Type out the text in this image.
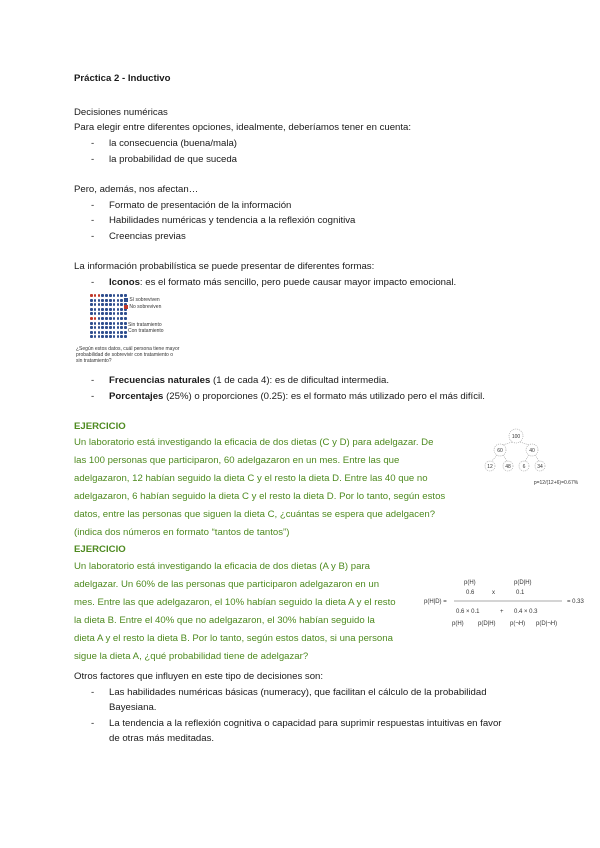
Práctica 2 - Inductivo
Decisiones numéricas
Para elegir entre diferentes opciones, idealmente, deberíamos tener en cuenta:
- la consecuencia (buena/mala)
- la probabilidad de que suceda
Pero, además, nos afectan…
- Formato de presentación de la información
- Habilidades numéricas y tendencia a la reflexión cognitiva
- Creencias previas
La información probabilística se puede presentar de diferentes formas:
- Iconos: es el formato más sencillo, pero puede causar mayor impacto emocional.
Sí sobreviven
No sobreviven
Sin tratamiento
Con tratamiento
¿Según estos datos, cuál persona tiene mayor
probabilidad de sobrevivir con tratamiento o
sin tratamiento?
- Frecuencias naturales (1 de cada 4): es de dificultad intermedia.
- Porcentajes (25%) o proporciones (0.25): es el formato más utilizado pero el más difícil.
EJERCICIO
Un laboratorio está investigando la eficacia de dos dietas (C y D) para adelgazar. De
las 100 personas que participaron, 60 adelgazaron en un mes. Entre las que
adelgazaron, 12 habían seguido la dieta C y el resto la dieta D. Entre las 40 que no
adelgazaron, 6 habían seguido la dieta C y el resto la dieta D. Por lo tanto, según estos
datos, entre las personas que siguen la dieta C, ¿cuántas se espera que adelgacen?
(indica dos números en formato “tantos de tantos”)
100
60	40
12 48 6 34
p=12/(12+6)=0.67%
EJERCICIO
Un laboratorio está investigando la eficacia de dos dietas (A y B) para
adelgazar. Un 60% de las personas que participaron adelgazaron en un
mes. Entre las que adelgazaron, el 10% habían seguido la dieta A y el resto
la dieta B. Entre el 40% que no adelgazaron, el 30% habían seguido la
dieta A y el resto la dieta B. Por lo tanto, según estos datos, si una persona
sigue la dieta A, ¿qué probabilidad tiene de adelgazar?
p(H)	p(D|H)
0.6	x	0.1
p(H|D) =	= 0.33
0.6 × 0.1	+ 0.4 × 0.3
p(H) p(D|H) p(¬H) p(D|¬H)
Otros factores que influyen en este tipo de decisiones son:
- Las habilidades numéricas básicas (numeracy), que facilitan el cálculo de la probabilidad
Bayesiana.
- La tendencia a la reflexión cognitiva o capacidad para suprimir respuestas intuitivas en favor
de otras más meditadas.
